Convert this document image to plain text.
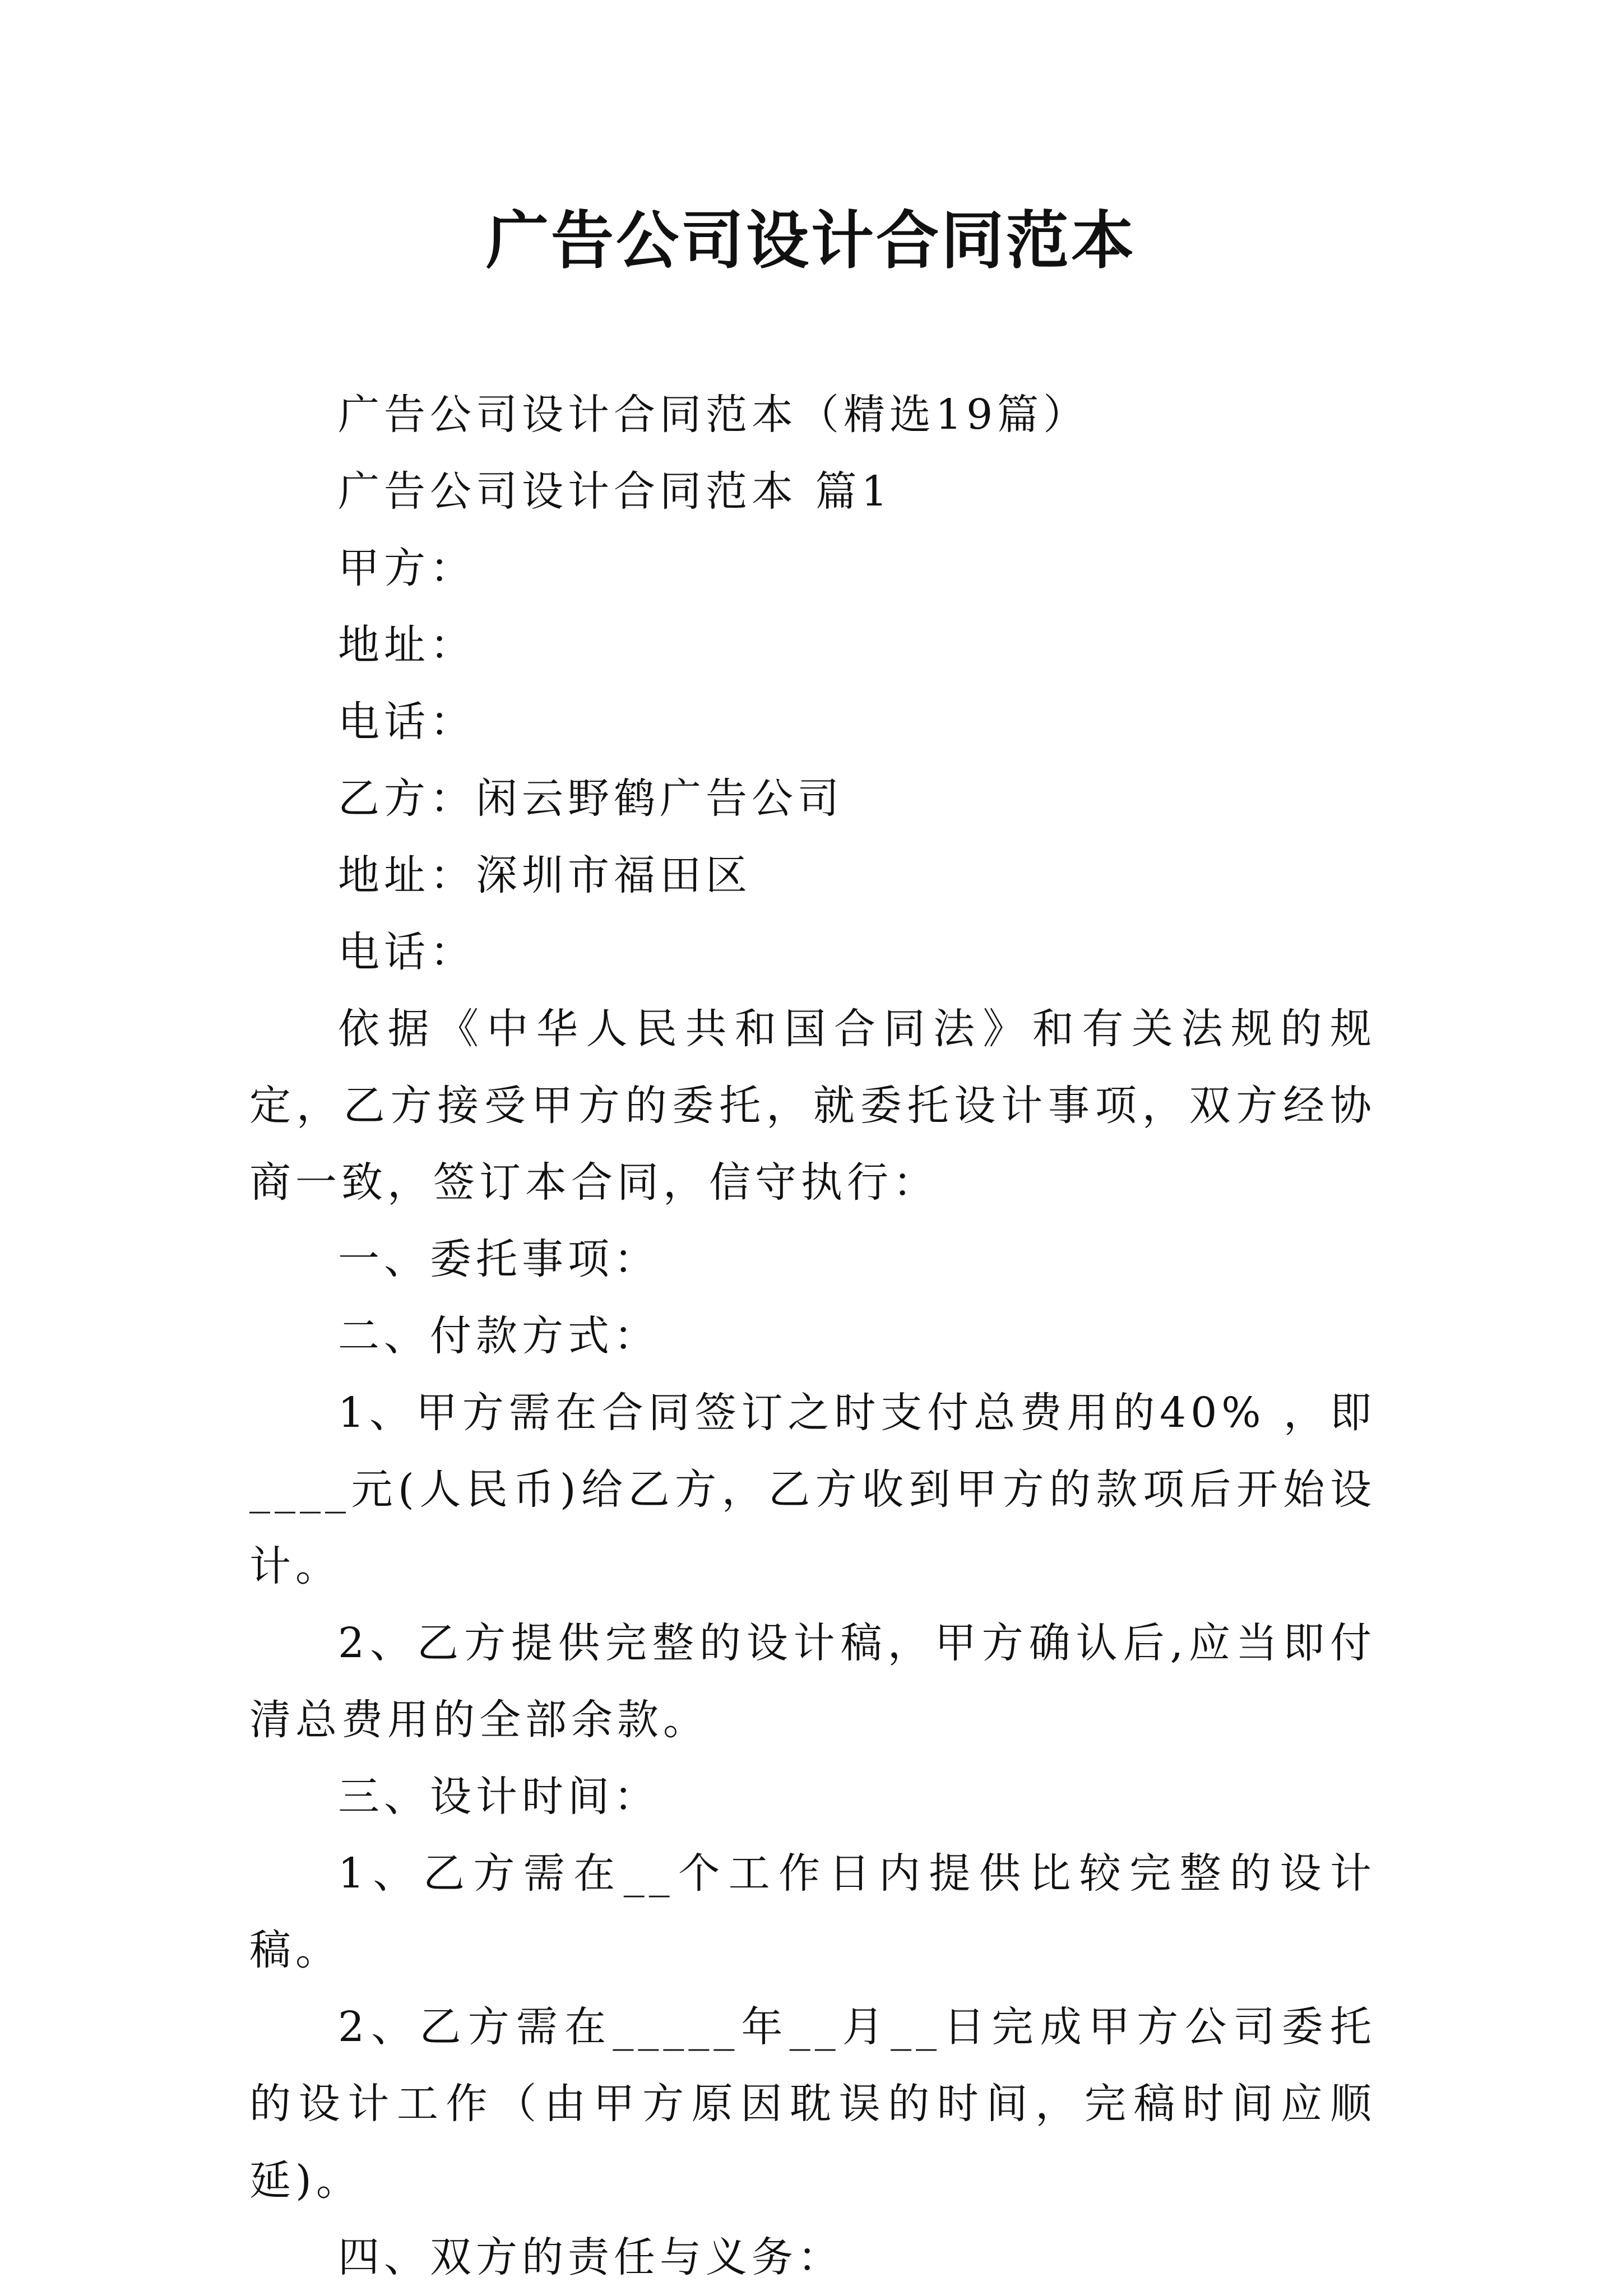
广告公司设计合同范本

广告公司设计合同范本（精选19篇）

广告公司设计合同范本 篇1

甲方：

地址：

电话：

乙方：闲云野鹤广告公司

地址：深圳市福田区

电话：

依据《中华人民共和国合同法》和有关法规的规定，乙方接受甲方的委托，就委托设计事项，双方经协商一致，签订本合同，信守执行：

一、委托事项：

二、付款方式：

1、甲方需在合同签订之时支付总费用的40% ，即____元(人民币)给乙方，乙方收到甲方的款项后开始设计。

2、乙方提供完整的设计稿，甲方确认后,应当即付清总费用的全部余款。

三、设计时间：

1、乙方需在__个工作日内提供比较完整的设计稿。

2、乙方需在_____年__月__日完成甲方公司委托的设计工作（由甲方原因耽误的时间，完稿时间应顺延)。

四、双方的责任与义务：
